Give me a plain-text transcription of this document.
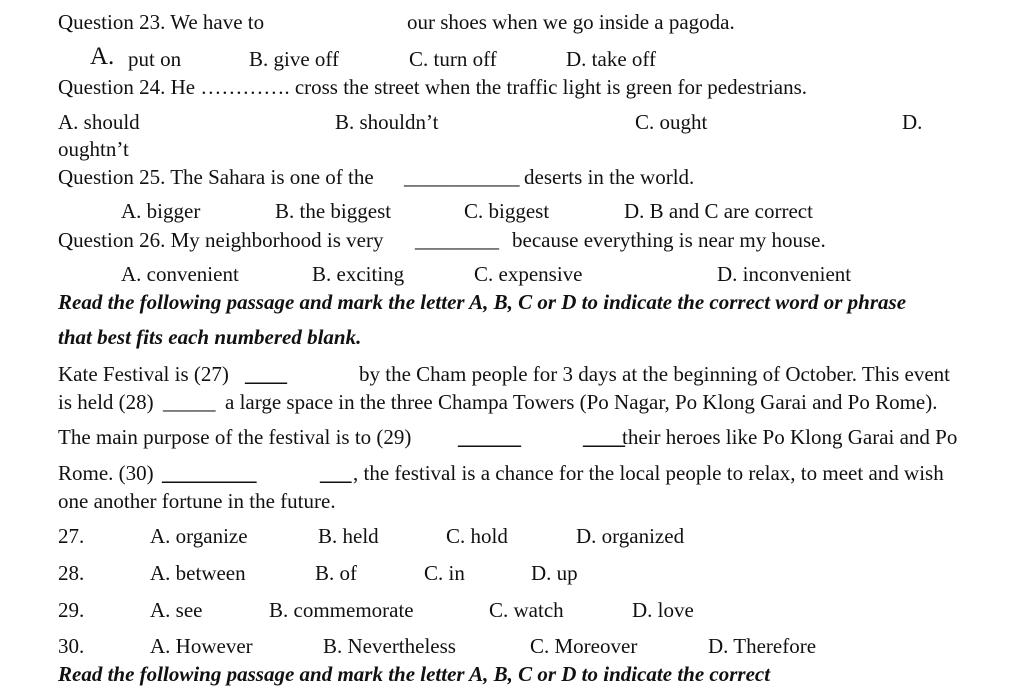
Question 23. We have to	our shoes when we go inside a pagoda.
A. put on	B. give off	C. turn off	D. take off
Question 24. He …………. cross the street when the traffic light is green for pedestrians.
A. should	B. shouldn’t	C. ought	D.
oughtn’t
Question 25. The Sahara is one of the ___________ deserts in the world.
A. bigger	B. the biggest	C. biggest	D. B and C are correct
Question 26. My neighborhood is very ________ because everything is near my house.
A. convenient	B. exciting	C. expensive	D. inconvenient
Read the following passage and mark the letter A, B, C or D to indicate the correct word or phrase
that best fits each numbered blank.
Kate Festival is (27) ____	by the Cham people for 3 days at the beginning of October. This event
is held (28) _____ a large space in the three Champa Towers (Po Nagar, Po Klong Garai and Po Rome).
The main purpose of the festival is to (29) ______	____
their heroes like Po Klong Garai and Po
Rome. (30) _________	___ , the festival is a chance for the local people to relax, to meet and wish
one another fortune in the future.
27.	A. organize	B. held	C. hold	D. organized
28.	A. between	B. of	C. in	D. up
29.	A. see	B. commemorate	C. watch	D. love
30.	A. However	B. Nevertheless	C. Moreover	D. Therefore
Read the following passage and mark the letter A, B, C or D to indicate the correct
